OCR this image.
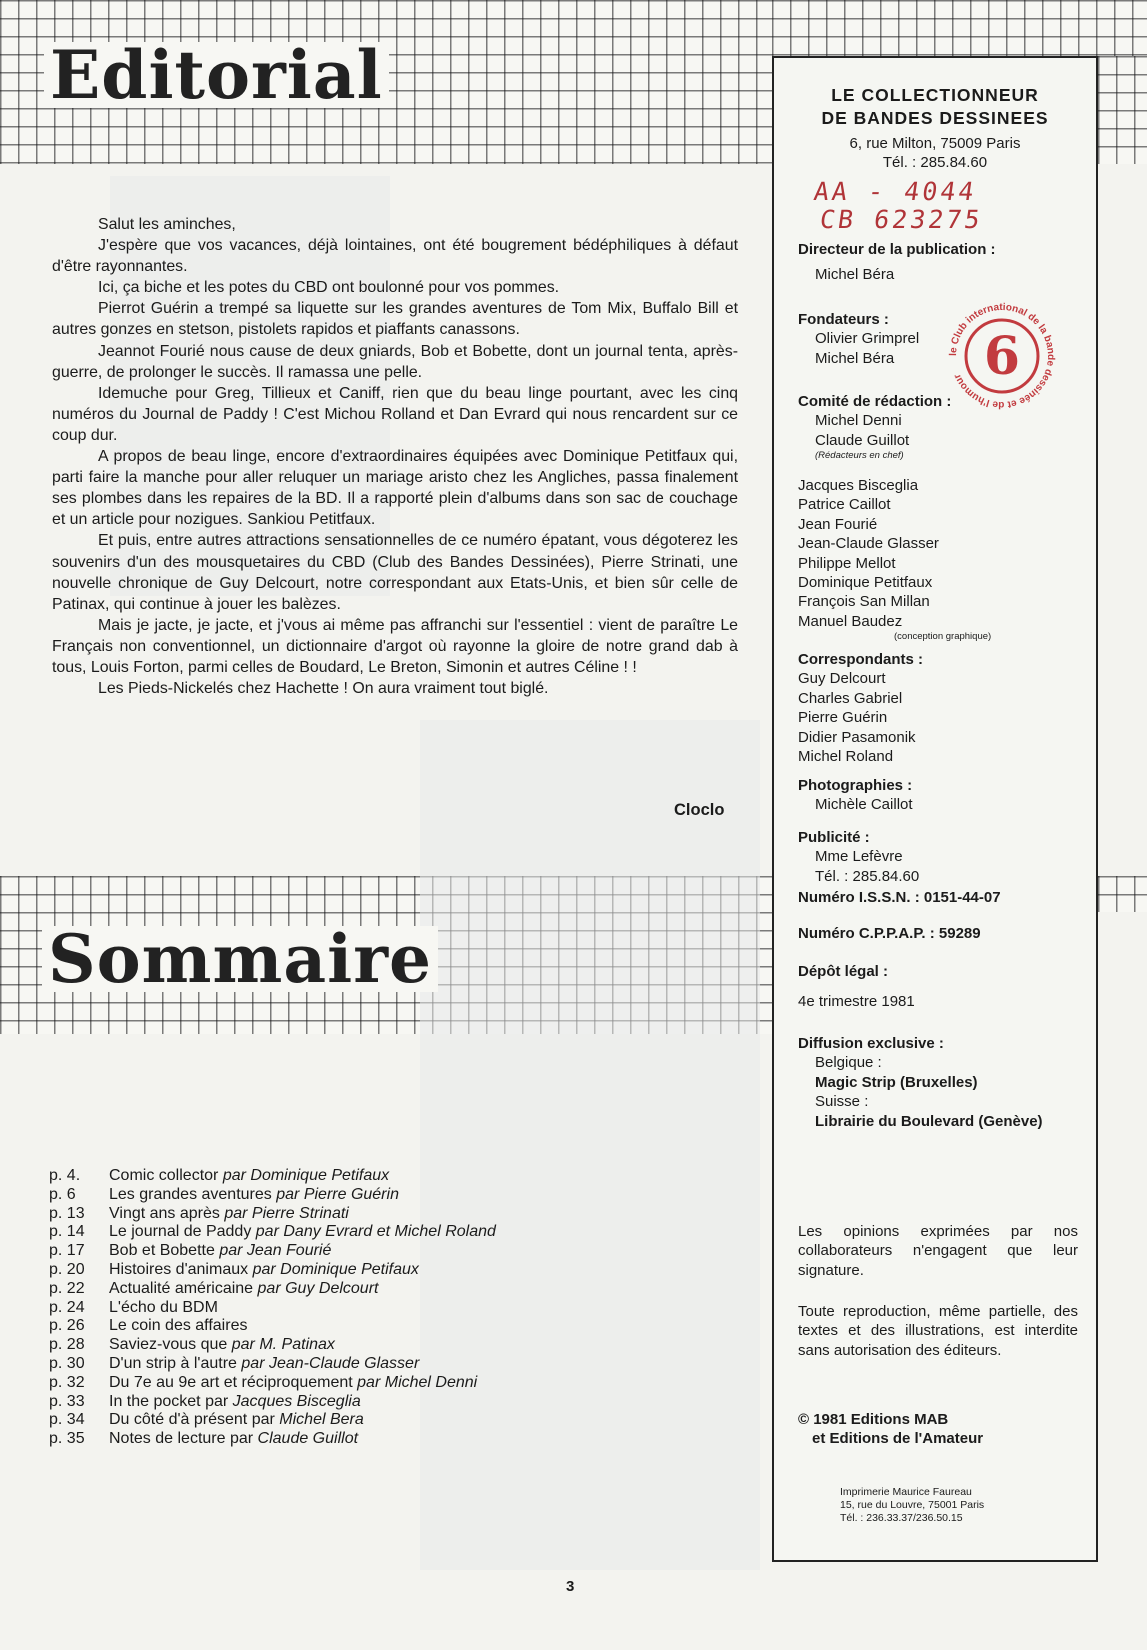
Editorial
Sommaire

Salut les aminches,

J'espère que vos vacances, déjà lointaines, ont été bougrement bédéphiliques à défaut d'être rayonnantes.

Ici, ça biche et les potes du CBD ont boulonné pour vos pommes.

Pierrot Guérin a trempé sa liquette sur les grandes aventures de Tom Mix, Buffalo Bill et autres gonzes en stetson, pistolets rapidos et piaffants canassons.

Jeannot Fourié nous cause de deux gniards, Bob et Bobette, dont un journal tenta, après-guerre, de prolonger le succès. Il ramassa une pelle.

Idemuche pour Greg, Tillieux et Caniff, rien que du beau linge pourtant, avec les cinq numéros du Journal de Paddy ! C'est Michou Rolland et Dan Evrard qui nous rencardent sur ce coup dur.

A propos de beau linge, encore d'extraordinaires équipées avec Dominique Petitfaux qui, parti faire la manche pour aller reluquer un mariage aristo chez les Angliches, passa finalement ses plombes dans les repaires de la BD. Il a rapporté plein d'albums dans son sac de couchage et un article pour nozigues. Sankiou Petitfaux.

Et puis, entre autres attractions sensationnelles de ce numéro épatant, vous dégoterez les souvenirs d'un des mousquetaires du CBD (Club des Bandes Dessinées), Pierre Strinati, une nouvelle chronique de Guy Delcourt, notre correspondant aux Etats-Unis, et bien sûr celle de Patinax, qui continue à jouer les balèzes.

Mais je jacte, je jacte, et j'vous ai même pas affranchi sur l'essentiel : vient de paraître Le Français non conventionnel, un dictionnaire d'argot où rayonne la gloire de notre grand dab à tous, Louis Forton, parmi celles de Boudard, Le Breton, Simonin et autres Céline ! !

Les Pieds-Nickelés chez Hachette ! On aura vraiment tout biglé.

Cloclo
p. 4. Comic collector par Dominique Petifaux
p. 6 Les grandes aventures par Pierre Guérin
p. 13 Vingt ans après par Pierre Strinati
p. 14 Le journal de Paddy par Dany Evrard et Michel Roland
p. 17 Bob et Bobette par Jean Fourié
p. 20 Histoires d'animaux par Dominique Petifaux
p. 22 Actualité américaine par Guy Delcourt
p. 24 L'écho du BDM
p. 26 Le coin des affaires
p. 28 Saviez-vous que par M. Patinax
p. 30 D'un strip à l'autre par Jean-Claude Glasser
p. 32 Du 7e au 9e art et réciproquement par Michel Denni
p. 33 In the pocket par Jacques Bisceglia
p. 34 Du côté d'à présent par Michel Bera
p. 35 Notes de lecture par Claude Guillot
3
LE COLLECTIONNEUR
DE BANDES DESSINEES
6, rue Milton, 75009 Paris
Tél. : 285.84.60
AA - 4044
CB 623275
Directeur de la publication :
Michel Béra
Fondateurs :
Olivier Grimprel
Michel Béra
Comité de rédaction :
Michel Denni
Claude Guillot
(Rédacteurs en chef)
le Club international de la bande dessinée et de l'humour 6
Jacques Bisceglia
Patrice Caillot
Jean Fourié
Jean-Claude Glasser
Philippe Mellot
Dominique Petitfaux
François San Millan
Manuel Baudez
(conception graphique)
Correspondants :
Guy Delcourt
Charles Gabriel
Pierre Guérin
Didier Pasamonik
Michel Roland
Photographies :
Michèle Caillot
Publicité :
Mme Lefèvre
Tél. : 285.84.60
Numéro I.S.S.N. : 0151-44-07
Numéro C.P.P.A.P. : 59289
Dépôt légal :
4e trimestre 1981
Diffusion exclusive :
Belgique :
Magic Strip (Bruxelles)
Suisse :
Librairie du Boulevard (Genève)
Les opinions exprimées par nos collaborateurs n'engagent que leur signature.
Toute reproduction, même partielle, des textes et des illustrations, est interdite sans autorisation des éditeurs.
© 1981 Editions MAB
et Editions de l'Amateur
Imprimerie Maurice Faureau
15, rue du Louvre, 75001 Paris
Tél. : 236.33.37/236.50.15
